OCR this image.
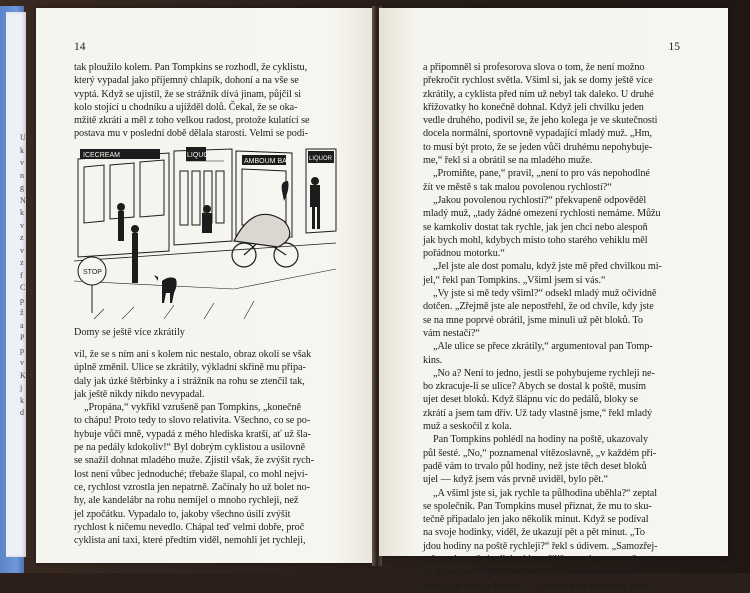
U
k
v
n
g
N
k
v
z
v
z
f
C
p
ž
a
P
p
v
K
j
k
d
14
tak ploužilo kolem. Pan Tompkins se rozhodl, že cyklistu,
který vypadal jako příjemný chlapík, dohoní a na vše se
vyptá. Když se ujistil, že se strážník dívá jinam, půjčil si
kolo stojící u chodníku a ujížděl dolů. Čekal, že se oka-
mžitě zkrátí a měl z toho velkou radost, protože kulatící se
postava mu v poslední době dělala starosti. Velmi se podi-
ICECREAM	LIQUO
AMBOUM BAR	LIQUOR
STOP
Domy se ještě více zkrátily
vil, že se s ním ani s kolem nic nestalo, obraz okolí se však
úplně změnil. Ulice se zkrátily, výkladní skříně mu připa-
daly jak úzké štěrbinky a i strážník na rohu se ztenčil tak,
jak ještě nikdy nikdo nevypadal.
„Propána,“ vykřikl vzrušeně pan Tompkins, „konečně
to chápu! Proto tedy to slovo relativita. Všechno, co se po-
hybuje vůči mně, vypadá z mého hlediska kratší, ať už šla-
pe na pedály kdokoliv!“ Byl dobrým cyklistou a usilovně
se snažil dohnat mladého muže. Zjistil však, že zvýšit rych-
lost není vůbec jednoduché; třebaže šlapal, co mohl nejví-
ce, rychlost vzrostla jen nepatrně. Začínaly ho už bolet no-
hy, ale kandelábr na rohu nemíjel o mnoho rychleji, než
jel zpočátku. Vypadalo to, jakoby všechno úsilí zvýšit
rychlost k ničemu nevedlo. Chápal teď velmi dobře, proč
cyklista ani taxi, které předtím viděl, nemohli jet rychleji,
15
a připomněl si profesorova slova o tom, že není možno
překročit rychlost světla. Všiml si, jak se domy ještě více
zkrátily, a cyklista před ním už nebyl tak daleko. U druhé
křižovatky ho konečně dohnal. Když jeli chvilku jeden
vedle druhého, podivil se, že jeho kolega je ve skutečnosti
docela normální, sportovně vypadající mladý muž. „Hm,
to musí být proto, že se jeden vůči druhému nepohybuje-
me,“ řekl si a obrátil se na mladého muže.
„Promiňte, pane,“ pravil, „není to pro vás nepohodlné
žít ve městě s tak malou povolenou rychlostí?“
„Jakou povolenou rychlostí?“ překvapeně odpověděl
mladý muž, „tady žádné omezení rychlosti nemáme. Můžu
se kamkoliv dostat tak rychle, jak jen chci nebo alespoň
jak bych mohl, kdybych místo toho starého vehiklu měl
pořádnou motorku.“
„Jel jste ale dost pomalu, když jste mě před chvilkou mi-
jel,“ řekl pan Tompkins. „Všiml jsem si vás.“
„Vy jste si mě tedy všiml?“ odsekl mladý muž očividně
dotčen. „Zřejmě jste ale nepostřehl, že od chvíle, kdy jste
se na mne poprvé obrátil, jsme minuli už pět bloků. To
vám nestačí?“
„Ale ulice se přece zkrátily,“ argumentoval pan Tomp-
kins.
„No a? Není to jedno, jestli se pohybujeme rychleji ne-
bo zkracuje-li se ulice? Abych se dostal k poště, musím
ujet deset bloků. Když šlápnu víc do pedálů, bloky se
zkrátí a jsem tam dřív. Už tady vlastně jsme,“ řekl mladý
muž a seskočil z kola.
Pan Tompkins pohlédl na hodiny na poště, ukazovaly
půl šesté. „No,“ poznamenal vítězoslavně, „v každém pří-
padě vám to trvalo půl hodiny, než jste těch deset bloků
ujel — když jsem vás prvně uviděl, bylo pět.“
„A všiml jste si, jak rychle ta půlhodina uběhla?“ zeptal
se společník. Pan Tompkins musel přiznat, že mu to sku-
tečně připadalo jen jako několik minut. Když se podíval
na svoje hodinky, viděl, že ukazují pět a pět minut. „To
jdou hodiny na poště rychleji?“ řekl s údivem. „Samozřej-
mě, anebo vaše hodinky jdou příliš pomalu — prostě pro-
to, že vy jste jel příliš rychle. Co je to vlastně s vámi?
Spadl jste snad z Měsíce?“ A mladý muž odešel na poštu.
